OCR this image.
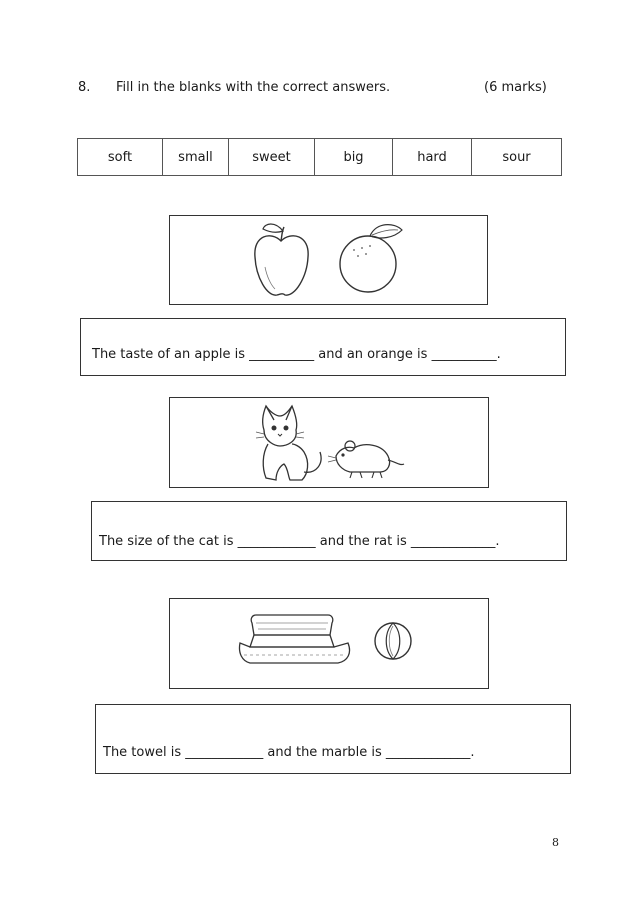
8. Fill in the blanks with the correct answers.	(6 marks)
soft	small	sweet	big	hard	sour
The taste of an apple is __________ and an orange is __________.
The size of the cat is ____________ and the rat is _____________.
The towel is ____________ and the marble is _____________.
8
